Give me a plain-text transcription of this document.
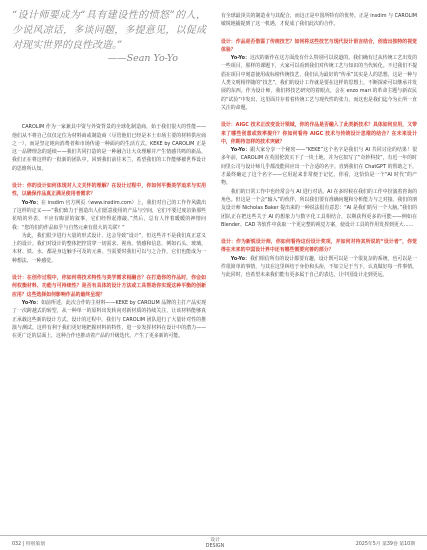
“设计师要成为“具有建设性的愤怒”的人，少说风凉话，多谈问题，多提意见，以促成对现实世界的良性改造。”
——Sean Yo-Yo

CAROLIM 作为一家兼具中资与外资背景的全球化制造商，始于我们很大的性能——他们从不将自己仅仅定位为材料商或制造商（尽管他们已经是本土市场主要的材料供应商之一），而是坚定地向消费者和市场传递一种面向的生活方式。KEKE by CAROLIM 正是这一品牌理念的延续——我们共同打造的是一种融合让大众理解并产生情感共鸣的新品，我们正在将这样的一批新的团队中。回到我们前往米兰，希望我们的工作能够被世界设计的思维所认知。

设计：你的设计如何体现对人文关怀的理解？在设计过程中，你如何平衡美学追求与实用性，以确保作品真正满足使用者需求？

Yo-Yo：在 insdim 官方网页（www.insdim.com）上，我们对自己的工作作风做出了这样的定义——“我们致力于创造出人们愿意使用的产品与空间，它们不要过度渲染那些花哨的外表，不应有晦涩的叙事，它们经得起推敲。”然后，总有人伴着暖暖的神情问我：“您的们的作品似乎与自然元素有很大的关联？”

为此，我们很少进行大量的形式设计，这会导致“设计”，但这些并不是我们真正意义上的设计。我们对设计的整体把控贯穿一切需求、视角、情感和信息，例如石头、玻璃、木材、铁、水，都是身边触手可及的元素。当需要时我们可以与之合作，它们也能成为一种想法、一种感觉。

设计：在创作过程中，你如何将技术特性与美学需求相融合？在打造你的作品时，你会如何权衡材料、功能与可持续性？是否有具体的设计方法或工具帮助你实现这种平衡的创新应用？这些选择如何影响作品的最终呈现？

Yo-Yo：如前所述，此次合作的主材料——KEKE by CAROLIM 品牌的主打产品实现了一次跨越式的转型，从一种单一的原料出发转向对新材质的持续关注，让该材料能够真正承载这些新的设计方式。设计的过程中，我们与 CAROLIM 团队进行了大量针对性的推演与测试。这样有利于我们更好地把握材料的特性，进一步发挥材料在设计中的潜力——在更广泛的层面上，这种合作也推动着产品的升级迭代，产生了更多新的可能。

有全球最顶尖的制造业与其配合，而这正是中国所特有的优势。正是 insdim 与 CAROLIM 敏锐地捕捉到了这一机遇，才促成了我们此次的合作。

设计：作品是否借鉴了传统技艺？如何将这些技艺与现代设计语言结合，创造出独特的视觉体验？

Yo-Yo：这次的新作在这方面没有什么特别可以说道的。我们确有过从传统工艺出发的一些项目，那样的课题下，大家可以看到我们对传统工艺与知识的当代转化。不过我们不提倡在项目中刻意使用或标榜传统技艺，我们认为最好的“传承”其实是人的思想，这是一种与人类文明相伴随的“技艺”，我们的设计工作就是要在这样的思想上，不断探索可以继承并发展的东西。作为设计师，我们将技艺研究的着眼点，会在 enzo mari 的革命主题与新农民的“试验”中发出，这里面并存着着传统工艺与现代性的张力，而这也是我们迄今为止所一直关注的命题。

设计：AIGC 技术正改变设计领域，你的作品是否融入了此类新技术？具体如何应用，又带来了哪些创意或效率提升？你如何看待 AIGC 技术与传统设计思维的结合？在未来设计中，你期待怎样的技术突破？

Yo-Yo：跟大家分享一个秘密——“KEKE”这个名字是我们与 AI 共同讨论的结果！很多年前，CAROLIM 在英国伦敦买下了一块土地，并为它拟写了“奇妙科技”，有近一年的时间里公司与设计师几乎都没能回应出一个合适的名字。直到我们在 ChatGPT 的帮助之下，才最终确定了这个名字——它用起来非常便于记忆，你看，这恰恰是一个“AI 时代”的产物。

我们的日常工作中也经常会与 AI 进行对话。AI 在多时候在我们的工作中扮演着咨询的角色。但这是一个会“输入”的伙伴，所以我们要有准确问题和分析能力与之对接。我们的朋友设计师 Nicholas Baker 提出来的一种说法很有意思：“AI 是我们的另一个大脑。”我们的团队正在把这些关于 AI 的想象力与数字化工具相结合，以期获得更多的可能——例如在 Blender、CAD 等软件中获取一个更完整的视觉方案，使设计工具的作用发挥到更大……

设计：作为新锐设计师，你如何看待这份设计奖项，并如何对待其所说的“设计者”，你觉得在未来的中国设计界中还有哪些需要完善的部分？

Yo-Yo：我们相信所有的设计都要有趣，设计既可以是一个很复杂的系统，也可以是一件很简单的事情，与其在这里纠结于身份和头衔，不如立足于当下，认真做好每一件事情。与此同时，也希望未来我们能有更多属于自己的表达，让中国设计走到更远。

032 | 特别策划
设计
DESIGN	2025年5月 第39卷 第10期
